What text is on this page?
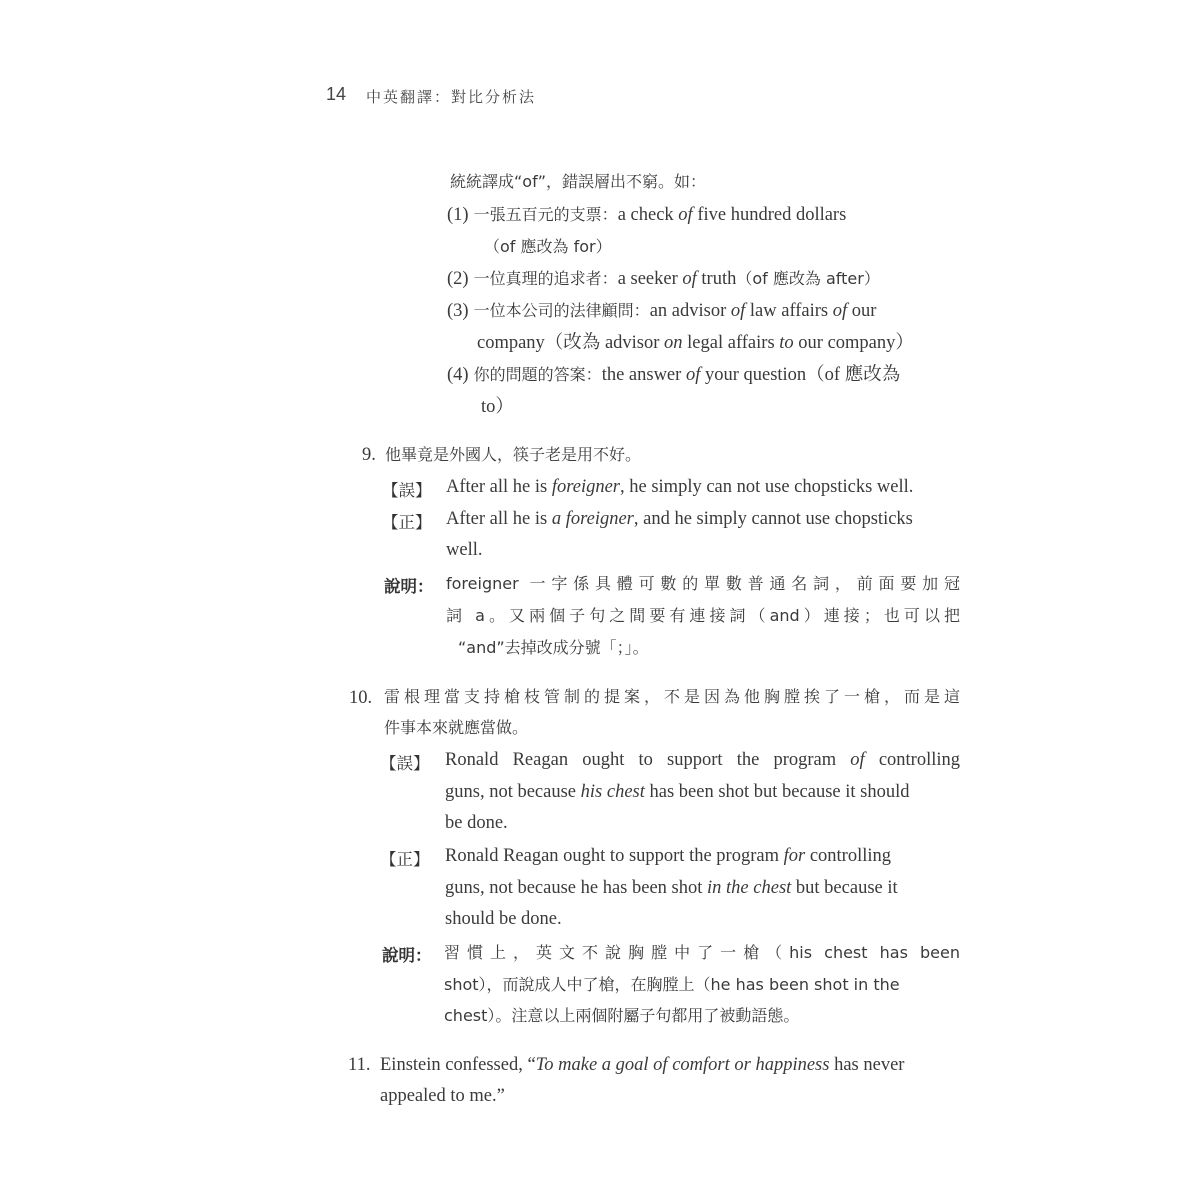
14 中英翻譯：對比分析法
統統譯成“of”，錯誤層出不窮。如：
(1) 一張五百元的支票：a check of five hundred dollars
（of 應改為 for）
(2) 一位真理的追求者：a seeker of truth（of 應改為 after）
(3) 一位本公司的法律顧問：an advisor of law affairs of our
company（改為 advisor on legal affairs to our company）
(4) 你的問題的答案：the answer of your question（of 應改為
to）
9. 他畢竟是外國人，筷子老是用不好。
【誤】 After all he is foreigner, he simply can not use chopsticks well.
【正】 After all he is a foreigner, and he simply cannot use chopsticks
well.
說明： foreigner 一字係具體可數的單數普通名詞，前面要加冠
詞 a。又兩個子句之間要有連接詞（and）連接；也可以把
“and”去掉改成分號「；」。
10. 雷根理當支持槍枝管制的提案，不是因為他胸膛挨了一槍，而是這
件事本來就應當做。
【誤】 Ronald Reagan ought to support the program of controlling
guns, not because his chest has been shot but because it should
be done.
【正】 Ronald Reagan ought to support the program for controlling
guns, not because he has been shot in the chest but because it
should be done.
說明： 習慣上，英文不說胸膛中了一槍（his chest has been
shot），而說成人中了槍，在胸膛上（he has been shot in the
chest）。注意以上兩個附屬子句都用了被動語態。
11. Einstein confessed, “To make a goal of comfort or happiness has never
appealed to me.”
